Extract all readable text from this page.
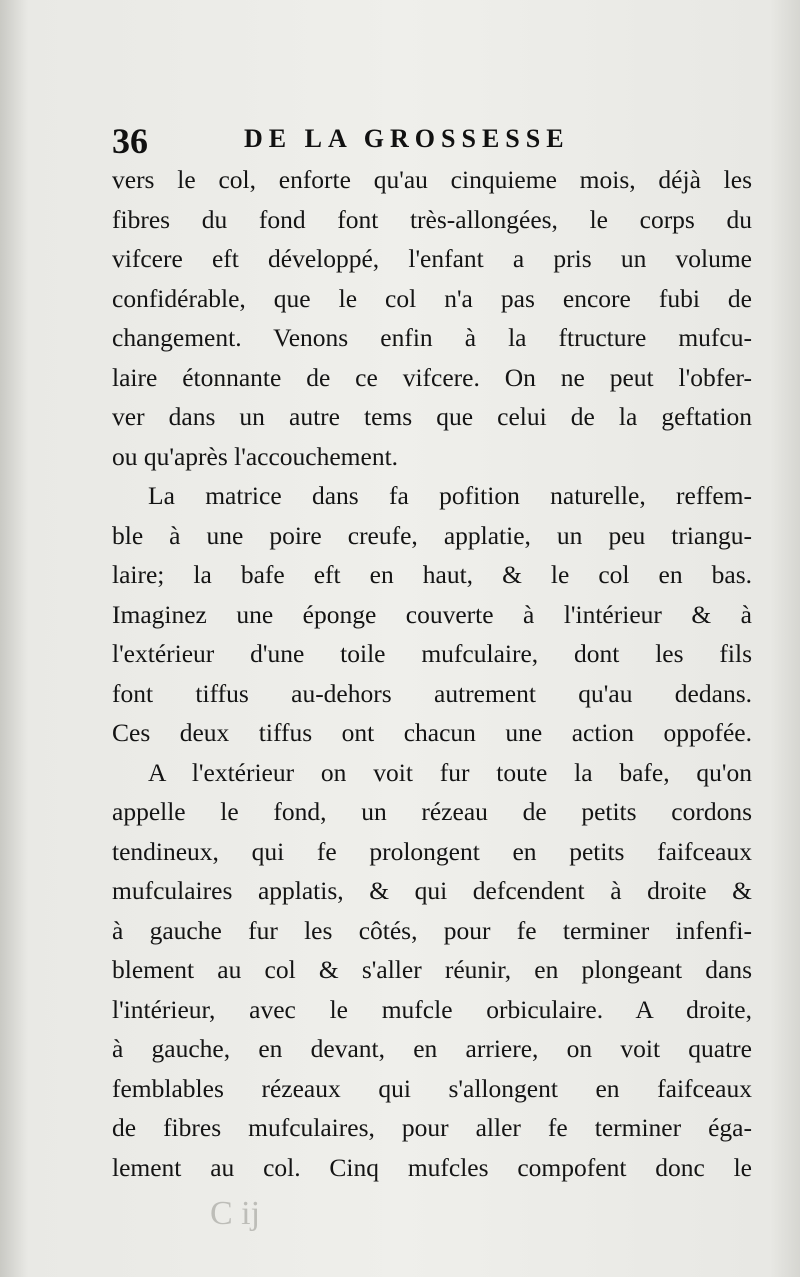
36	DE LA GROSSESSE
vers le col, enforte qu'au cinquieme mois, déjà les
fibres du fond font très-allongées, le corps du
vifcere eft développé, l'enfant a pris un volume
confidérable, que le col n'a pas encore fubi de
changement. Venons enfin à la ftructure mufcu-
laire étonnante de ce vifcere. On ne peut l'obfer-
ver dans un autre tems que celui de la geftation
ou qu'après l'accouchement.
La matrice dans fa pofition naturelle, reffem-
ble à une poire creufe, applatie, un peu triangu-
laire; la bafe eft en haut, & le col en bas.
Imaginez une éponge couverte à l'intérieur & à
l'extérieur d'une toile mufculaire, dont les fils
font tiffus au-dehors autrement qu'au dedans.
Ces deux tiffus ont chacun une action oppofée.
A l'extérieur on voit fur toute la bafe, qu'on
appelle le fond, un rézeau de petits cordons
tendineux, qui fe prolongent en petits faifceaux
mufculaires applatis, & qui defcendent à droite &
à gauche fur les côtés, pour fe terminer infenfi-
blement au col & s'aller réunir, en plongeant dans
l'intérieur, avec le mufcle orbiculaire. A droite,
à gauche, en devant, en arriere, on voit quatre
femblables rézeaux qui s'allongent en faifceaux
de fibres mufculaires, pour aller fe terminer éga-
lement au col. Cinq mufcles compofent donc le
C ij
